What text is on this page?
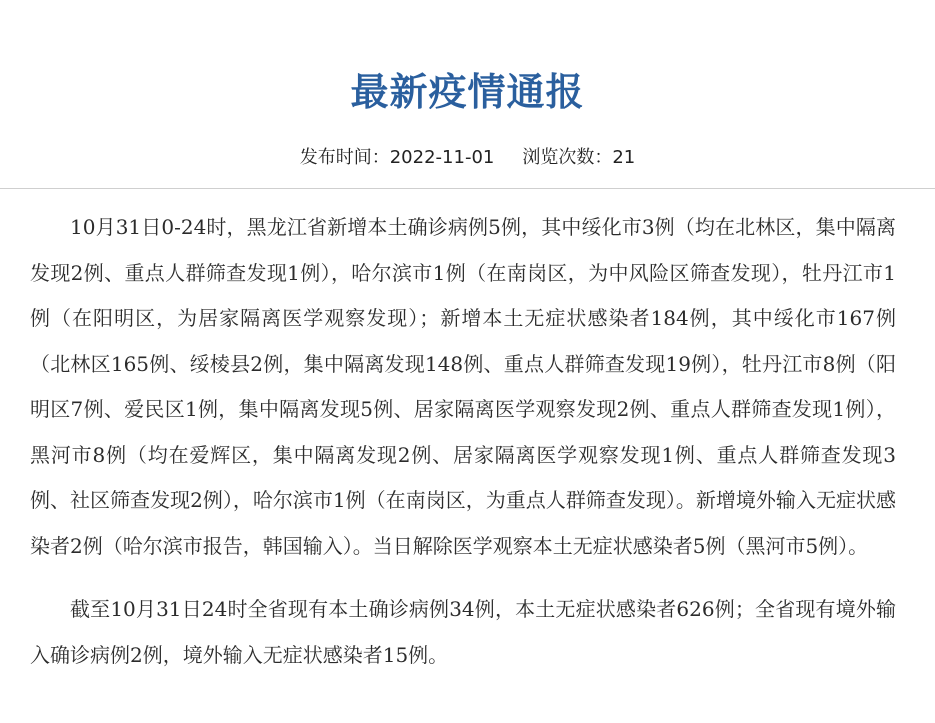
最新疫情通报
发布时间：2022-11-01 浏览次数：21

10月31日0-24时，黑龙江省新增本土确诊病例5例，其中绥化市3例（均在北林区，集中隔离发现2例、重点人群筛查发现1例），哈尔滨市1例（在南岗区，为中风险区筛查发现），牡丹江市1例（在阳明区，为居家隔离医学观察发现）；新增本土无症状感染者184例，其中绥化市167例（北林区165例、绥棱县2例，集中隔离发现148例、重点人群筛查发现19例），牡丹江市8例（阳明区7例、爱民区1例，集中隔离发现5例、居家隔离医学观察发现2例、重点人群筛查发现1例），黑河市8例（均在爱辉区，集中隔离发现2例、居家隔离医学观察发现1例、重点人群筛查发现3例、社区筛查发现2例），哈尔滨市1例（在南岗区，为重点人群筛查发现）。新增境外输入无症状感染者2例（哈尔滨市报告，韩国输入）。当日解除医学观察本土无症状感染者5例（黑河市5例）。

截至10月31日24时全省现有本土确诊病例34例，本土无症状感染者626例；全省现有境外输入确诊病例2例，境外输入无症状感染者15例。
